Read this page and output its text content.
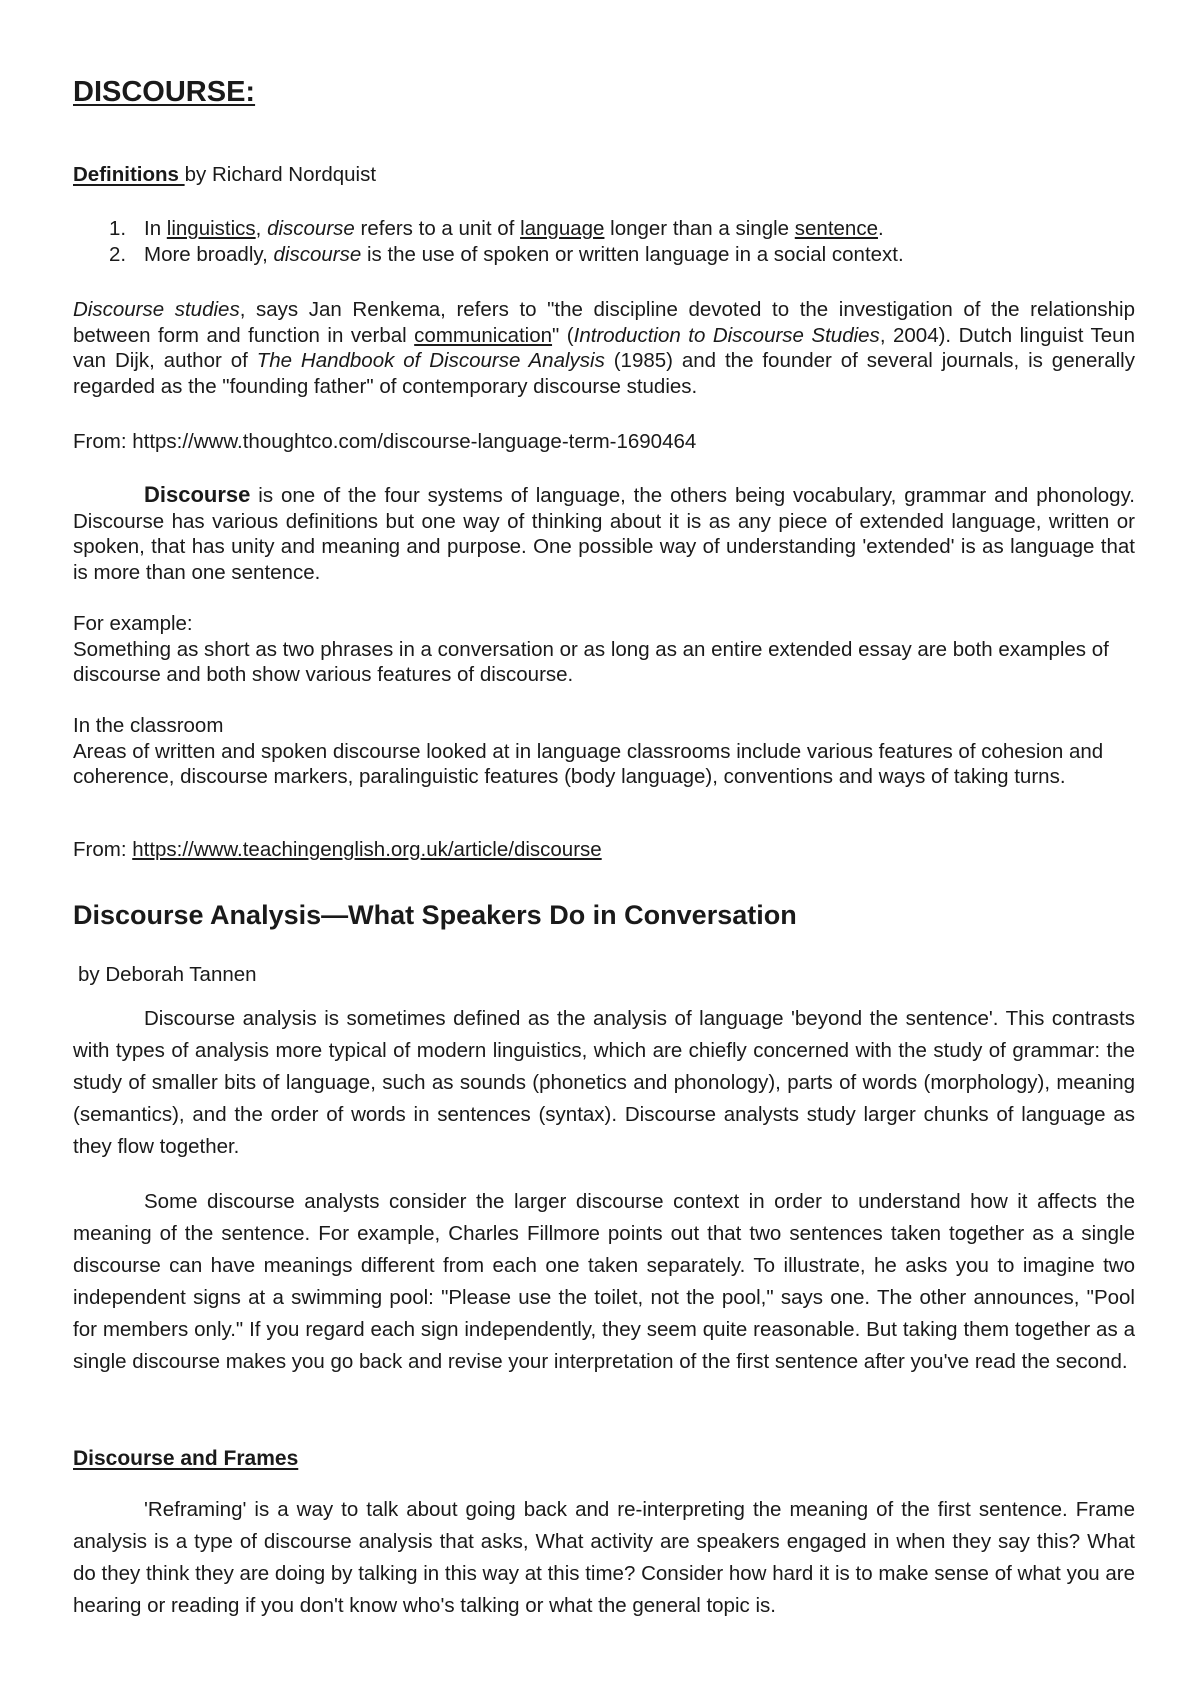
DISCOURSE:
Definitions by Richard Nordquist
1. In linguistics, discourse refers to a unit of language longer than a single sentence.
2. More broadly, discourse is the use of spoken or written language in a social context.

Discourse studies, says Jan Renkema, refers to "the discipline devoted to the investigation of the relationship between form and function in verbal communication" (Introduction to Discourse Studies, 2004). Dutch linguist Teun van Dijk, author of The Handbook of Discourse Analysis (1985) and the founder of several journals, is generally regarded as the "founding father" of contemporary discourse studies.

From: https://www.thoughtco.com/discourse-language-term-1690464

Discourse is one of the four systems of language, the others being vocabulary, grammar and phonology. Discourse has various definitions but one way of thinking about it is as any piece of extended language, written or spoken, that has unity and meaning and purpose. One possible way of understanding 'extended' is as language that is more than one sentence.

For example:
Something as short as two phrases in a conversation or as long as an entire extended essay are both examples of discourse and both show various features of discourse.
In the classroom
Areas of written and spoken discourse looked at in language classrooms include various features of cohesion and coherence, discourse markers, paralinguistic features (body language), conventions and ways of taking turns.
From: https://www.teachingenglish.org.uk/article/discourse
Discourse Analysis—What Speakers Do in Conversation
by Deborah Tannen

Discourse analysis is sometimes defined as the analysis of language 'beyond the sentence'. This contrasts with types of analysis more typical of modern linguistics, which are chiefly concerned with the study of grammar: the study of smaller bits of language, such as sounds (phonetics and phonology), parts of words (morphology), meaning (semantics), and the order of words in sentences (syntax). Discourse analysts study larger chunks of language as they flow together.

Some discourse analysts consider the larger discourse context in order to understand how it affects the meaning of the sentence. For example, Charles Fillmore points out that two sentences taken together as a single discourse can have meanings different from each one taken separately. To illustrate, he asks you to imagine two independent signs at a swimming pool: "Please use the toilet, not the pool," says one. The other announces, "Pool for members only." If you regard each sign independently, they seem quite reasonable. But taking them together as a single discourse makes you go back and revise your interpretation of the first sentence after you've read the second.

Discourse and Frames

'Reframing' is a way to talk about going back and re-interpreting the meaning of the first sentence. Frame analysis is a type of discourse analysis that asks, What activity are speakers engaged in when they say this? What do they think they are doing by talking in this way at this time? Consider how hard it is to make sense of what you are hearing or reading if you don't know who's talking or what the general topic is.
